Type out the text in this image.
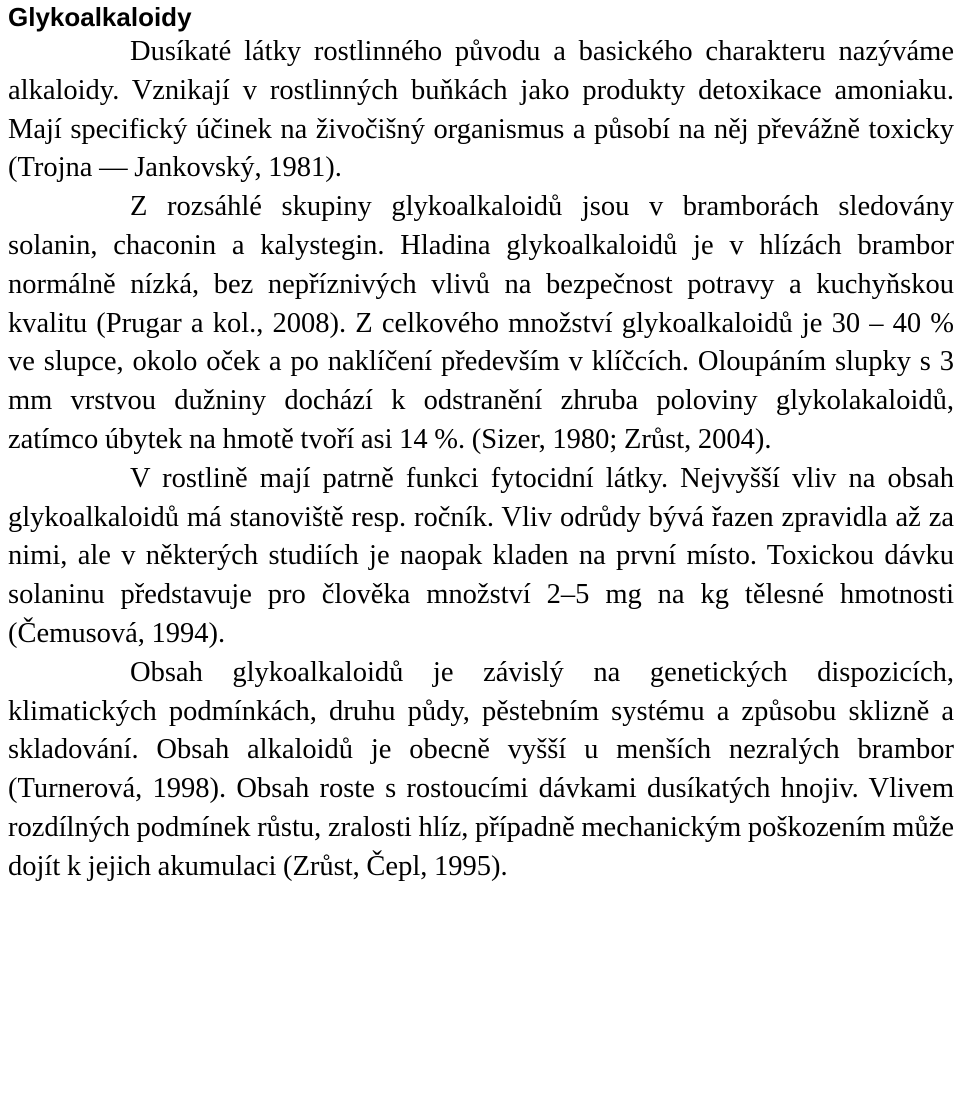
Glykoalkaloidy

Dusíkaté látky rostlinného původu a basického charakteru nazýváme alkaloidy. Vznikají v rostlinných buňkách jako produkty detoxikace amoniaku. Mají specifický účinek na živočišný organismus a působí na něj převážně toxicky (Trojna — Jankovský, 1981).

Z rozsáhlé skupiny glykoalkaloidů jsou v bramborách sledovány solanin, chaconin a kalystegin. Hladina glykoalkaloidů je v hlízách brambor normálně nízká, bez nepříznivých vlivů na bezpečnost potravy a kuchyňskou kvalitu (Prugar a kol., 2008). Z celkového množství glykoalkaloidů je 30 – 40 % ve slupce, okolo oček a po naklíčení především v klíčcích. Oloupáním slupky s 3 mm vrstvou dužniny dochází k odstranění zhruba poloviny glykolakaloidů, zatímco úbytek na hmotě tvoří asi 14 %. (Sizer, 1980; Zrůst, 2004).

V rostlině mají patrně funkci fytocidní látky. Nejvyšší vliv na obsah glykoalkaloidů má stanoviště resp. ročník. Vliv odrůdy bývá řazen zpravidla až za nimi, ale v některých studiích je naopak kladen na první místo. Toxickou dávku solaninu představuje pro člověka množství 2–5 mg na kg tělesné hmotnosti (Čemusová, 1994).

Obsah glykoalkaloidů je závislý na genetických dispozicích, klimatických podmínkách, druhu půdy, pěstebním systému a způsobu sklizně a skladování. Obsah alkaloidů je obecně vyšší u menších nezralých brambor (Turnerová, 1998). Obsah roste s rostoucími dávkami dusíkatých hnojiv. Vlivem rozdílných podmínek růstu, zralosti hlíz, případně mechanickým poškozením může dojít k jejich akumulaci (Zrůst, Čepl, 1995).
